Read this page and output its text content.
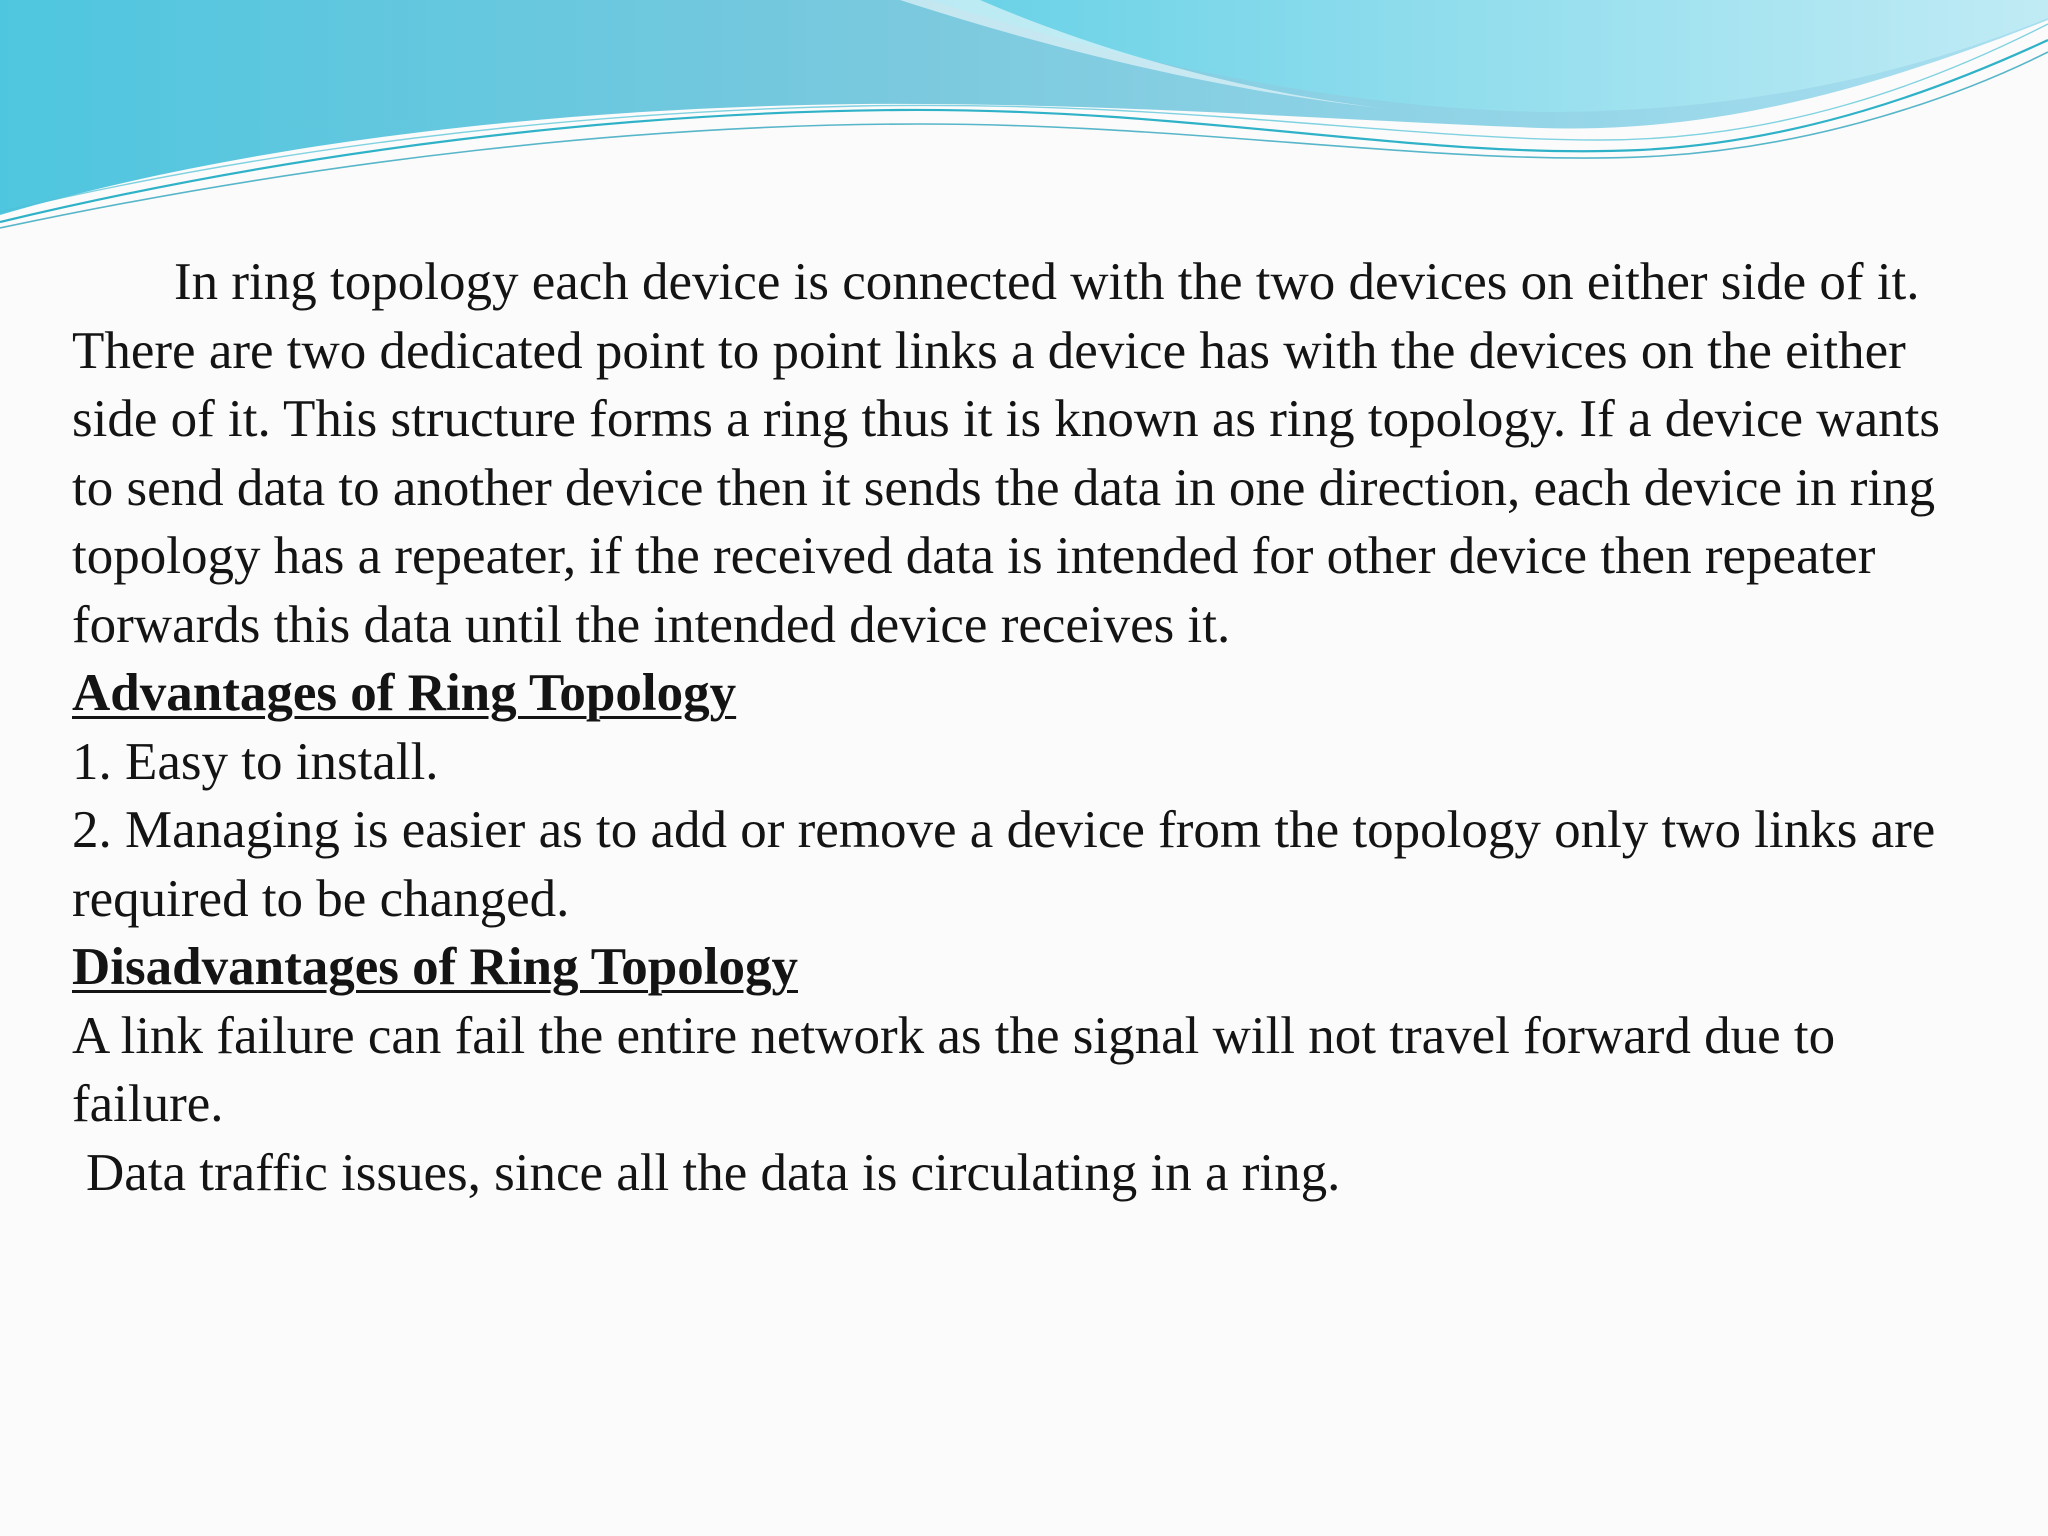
In ring topology each device is connected with the two devices on either side of it. There are two dedicated point to point links a device has with the devices on the either side of it. This structure forms a ring thus it is known as ring topology. If a device wants to send data to another device then it sends the data in one direction, each device in ring topology has a repeater, if the received data is intended for other device then repeater forwards this data until the intended device receives it.

Advantages of Ring Topology

1. Easy to install.

2. Managing is easier as to add or remove a device from the topology only two links are required to be changed.

Disadvantages of Ring Topology

A link failure can fail the entire network as the signal will not travel forward due to failure.

Data traffic issues, since all the data is circulating in a ring.
